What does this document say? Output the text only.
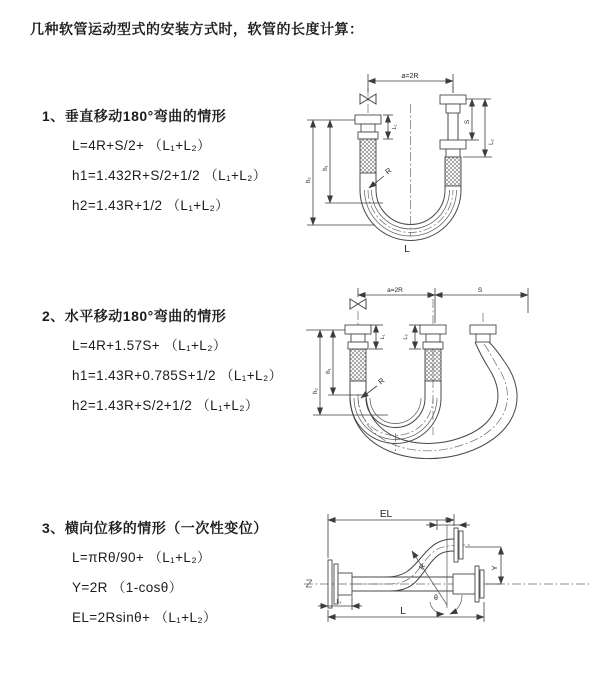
几种软管运动型式的安装方式时，软管的长度计算：
1、垂直移动180°弯曲的情形
L=4R+S/2+ （L₁+L₂）
h1=1.432R+S/2+1/2 （L₁+L₂）
h2=1.43R+1/2 （L₁+L₂）
2、水平移动180°弯曲的情形
L=4R+1.57S+ （L₁+L₂）
h1=1.43R+0.785S+1/2 （L₁+L₂）
h2=1.43R+S/2+1/2 （L₁+L₂）
3、横向位移的情形（一次性变位）
L=πRθ/90+ （L₁+L₂）
Y=2R （1-cosθ）
EL=2Rsinθ+ （L₁+L₂）
a=2R
h₁
h₂
L₁
S
L₂
R
L
a=2R	S
h₁
h₂
L₁	L₂
R
EL
L₂
Y
R
θ
L
L₁
